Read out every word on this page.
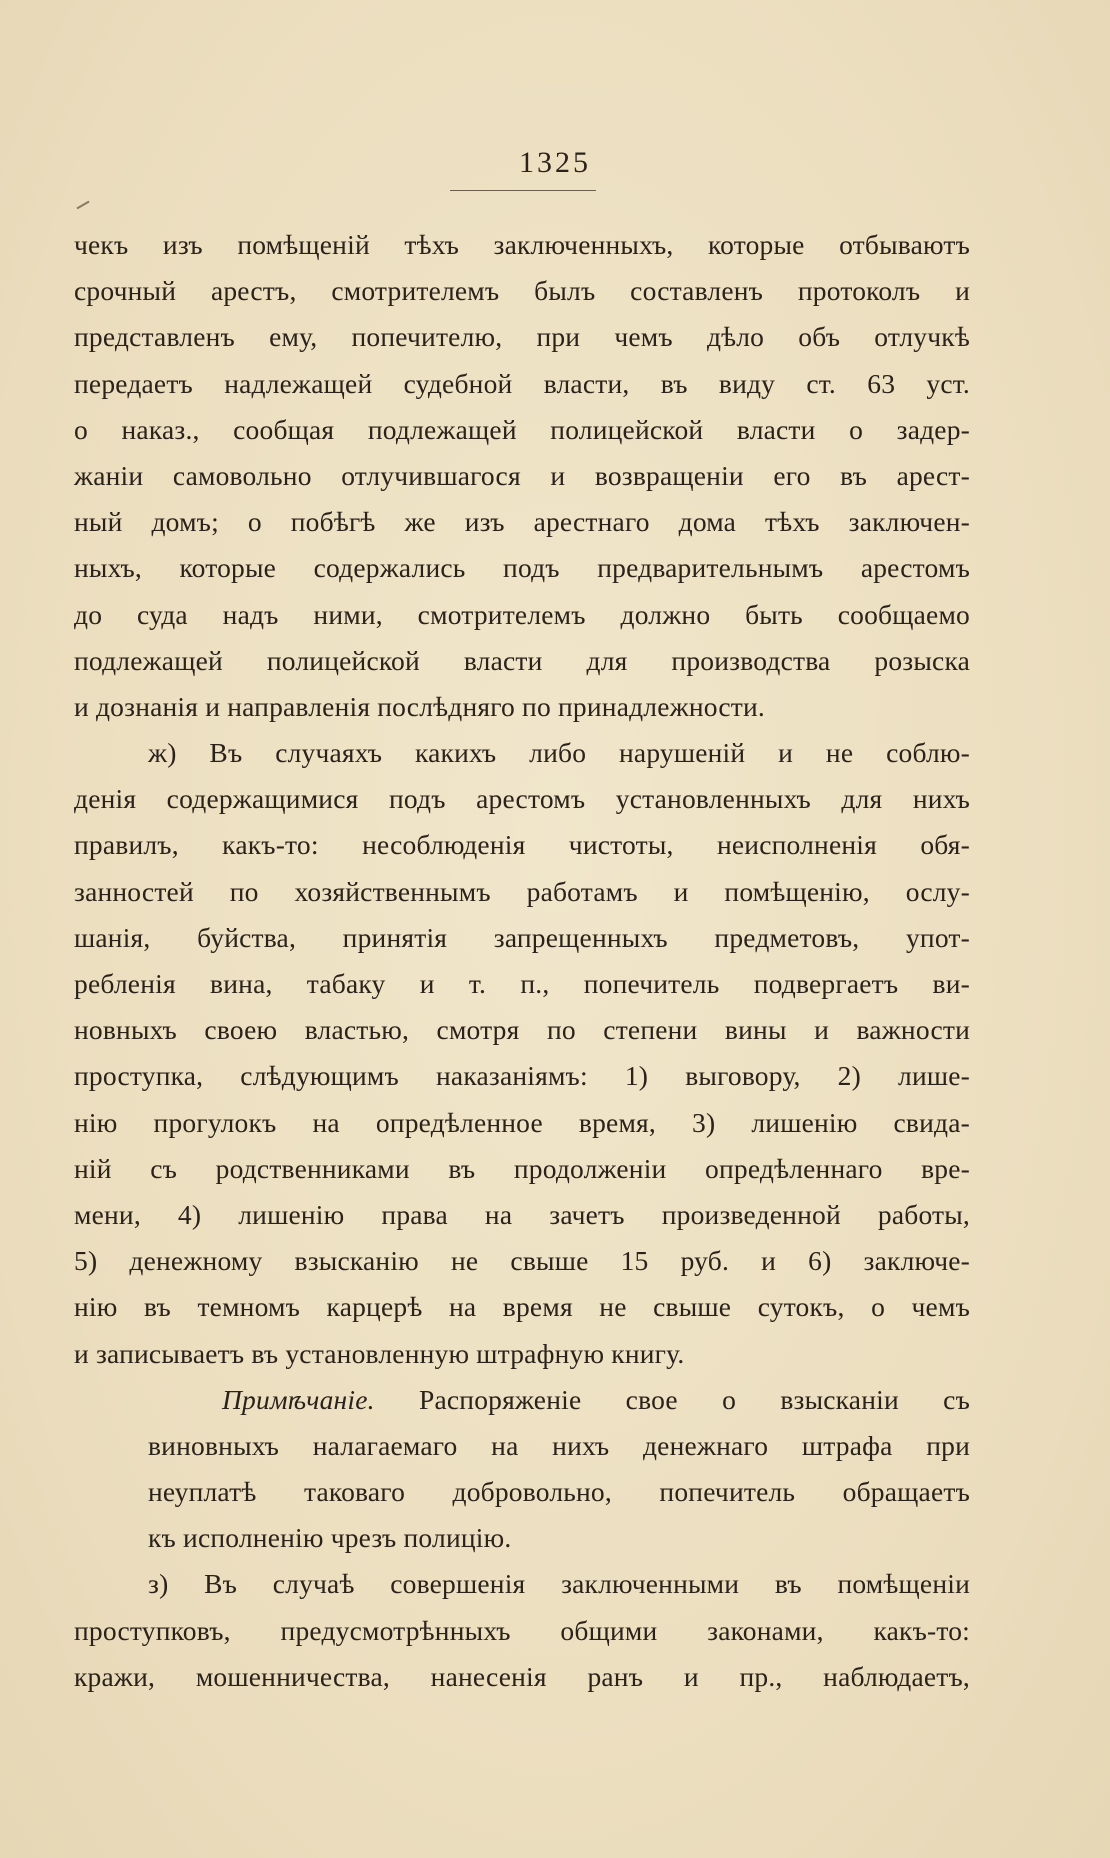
1325
чекъ изъ помѣщеній тѣхъ заключенныхъ, которые отбываютъ
срочный арестъ, смотрителемъ былъ составленъ протоколъ и
представленъ ему, попечителю, при чемъ дѣло объ отлучкѣ
передаетъ надлежащей судебной власти, въ виду ст. 63 уст.
о наказ., сообщая подлежащей полицейской власти о задер-
жаніи самовольно отлучившагося и возвращеніи его въ арест-
ный домъ; о побѣгѣ же изъ арестнаго дома тѣхъ заключен-
ныхъ, которые содержались подъ предварительнымъ арестомъ
до суда надъ ними, смотрителемъ должно быть сообщаемо
подлежащей полицейской власти для производства розыска
и дознанія и направленія послѣдняго по принадлежности.
ж) Въ случаяхъ какихъ либо нарушеній и не соблю-
денія содержащимися подъ арестомъ установленныхъ для нихъ
правилъ, какъ-то: несоблюденія чистоты, неисполненія обя-
занностей по хозяйственнымъ работамъ и помѣщенію, ослу-
шанія, буйства, принятія запрещенныхъ предметовъ, упот-
ребленія вина, табаку и т. п., попечитель подвергаетъ ви-
новныхъ своею властью, смотря по степени вины и важности
проступка, слѣдующимъ наказаніямъ: 1) выговору, 2) лише-
нію прогулокъ на опредѣленное время, 3) лишенію свида-
ній съ родственниками въ продолженіи опредѣленнаго вре-
мени, 4) лишенію права на зачетъ произведенной работы,
5) денежному взысканію не свыше 15 руб. и 6) заключе-
нію въ темномъ карцерѣ на время не свыше сутокъ, о чемъ
и записываетъ въ установленную штрафную книгу.
Примѣчаніе. Распоряженіе свое о взысканіи съ
виновныхъ налагаемаго на нихъ денежнаго штрафа при
неуплатѣ таковаго добровольно, попечитель обращаетъ
къ исполненію чрезъ полицію.
з) Въ случаѣ совершенія заключенными въ помѣщеніи
проступковъ, предусмотрѣнныхъ общими законами, какъ-то:
кражи, мошенничества, нанесенія ранъ и пр., наблюдаетъ,
